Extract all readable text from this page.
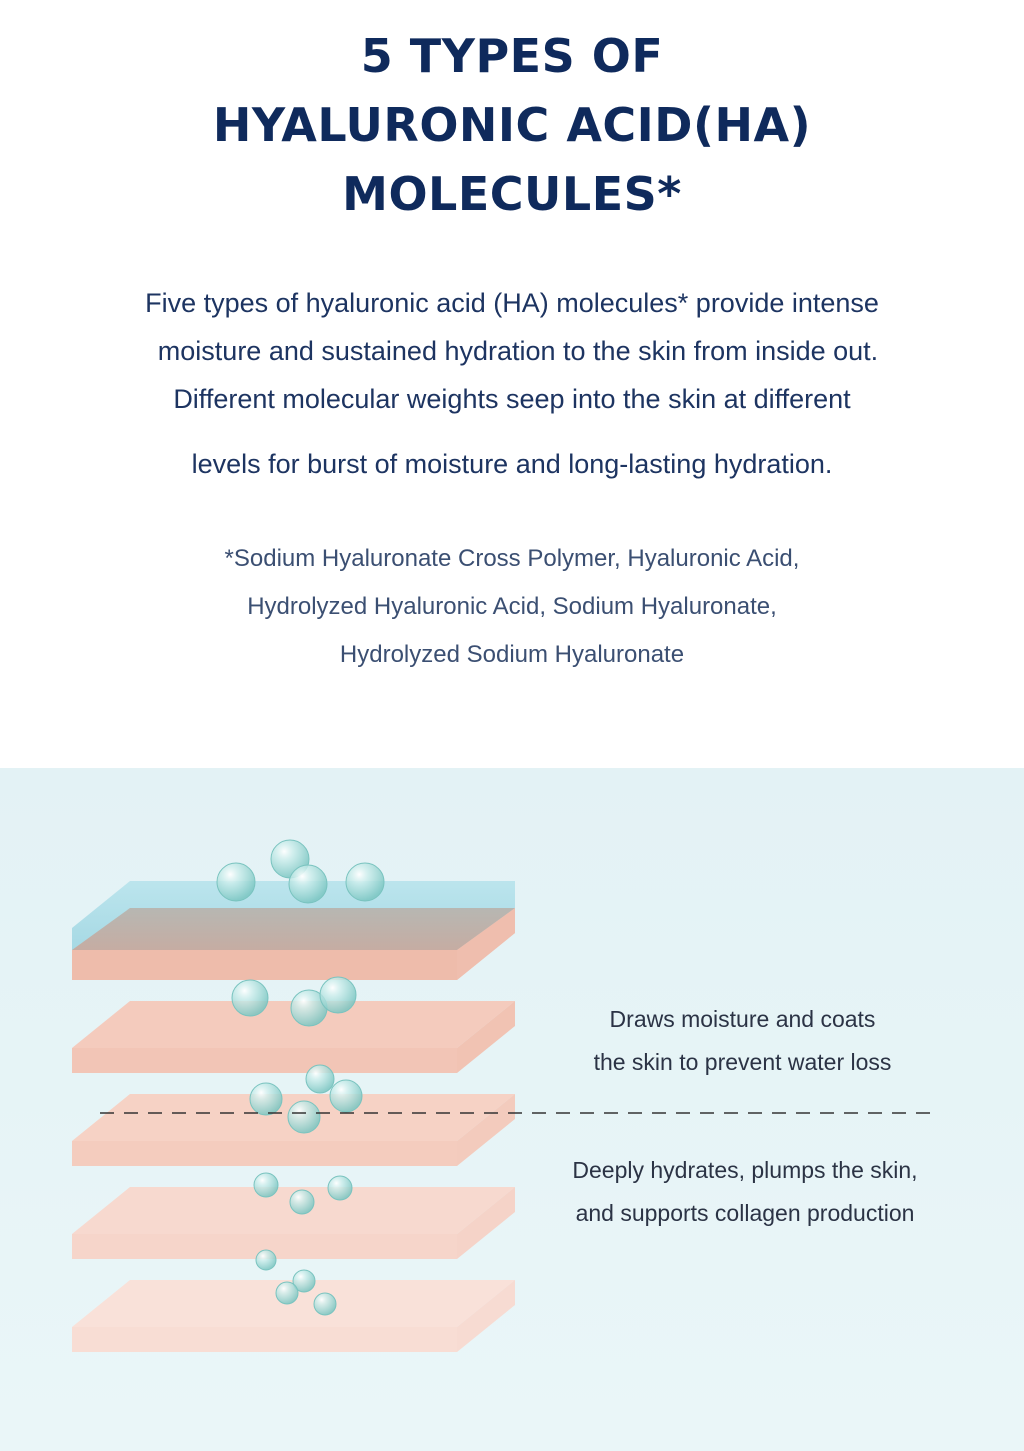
5 TYPES OF
HYALURONIC ACID(HA)
MOLECULES*
Five types of hyaluronic acid (HA) molecules* provide intense
moisture and sustained hydration to the skin from inside out.
Different molecular weights seep into the skin at different
levels for burst of moisture and long-lasting hydration.
*Sodium Hyaluronate Cross Polymer, Hyaluronic Acid,
Hydrolyzed Hyaluronic Acid, Sodium Hyaluronate,
Hydrolyzed Sodium Hyaluronate
Draws moisture and coats
the skin to prevent water loss
Deeply hydrates, plumps the skin,
and supports collagen production
